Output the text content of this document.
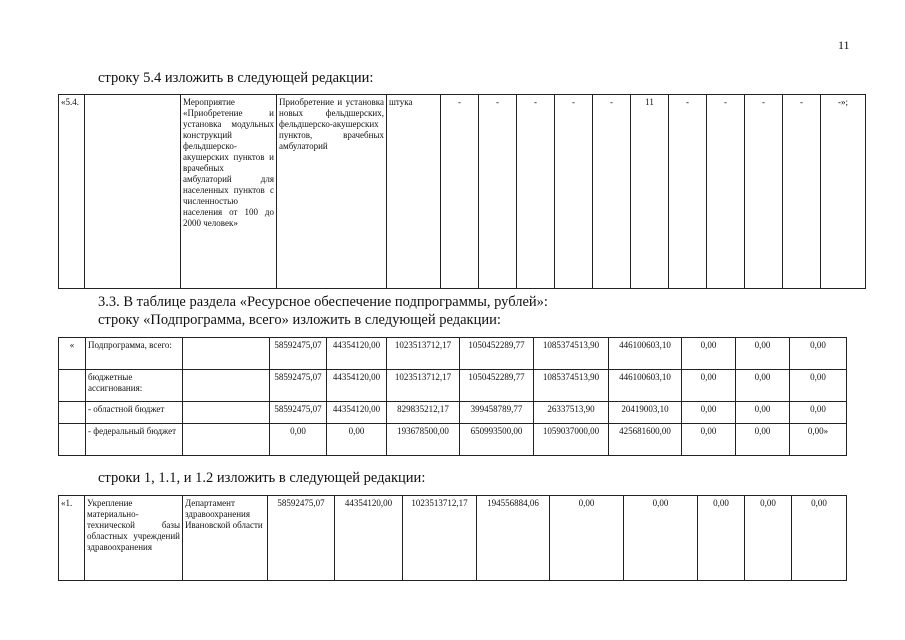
11
строку 5.4 изложить в следующей редакции:
«5.4.		Мероприятие «Приобретение и установка модульных конструкций фельдшерско-акушерских пунктов и врачебных амбулаторий для населенных пунктов с численностью населения от 100 до 2000 человек»	Приобретение и установка новых фельдшерских, фельдшерско-акушерских пунктов, врачебных амбулаторий	штука	-	-	-	-	-	11	-	-	-	-	-»;
3.3. В таблице раздела «Ресурсное обеспечение подпрограммы, рублей»:
строку «Подпрограмма, всего» изложить в следующей редакции:
«	Подпрограмма, всего:		58592475,07	44354120,00	1023513712,17	1050452289,77	1085374513,90	446100603,10	0,00	0,00	0,00
	бюджетные ассигнования:		58592475,07	44354120,00	1023513712,17	1050452289,77	1085374513,90	446100603,10	0,00	0,00	0,00
	- областной бюджет		58592475,07	44354120,00	829835212,17	399458789,77	26337513,90	20419003,10	0,00	0,00	0,00
	- федеральный бюджет		0,00	0,00	193678500,00	650993500,00	1059037000,00	425681600,00	0,00	0,00	0,00»
строки 1, 1.1, и 1.2 изложить в следующей редакции:
«1.	Укрепление материально-технической базы областных учреждений здравоохранения	Департамент здравоохранения Ивановской области	58592475,07	44354120,00	1023513712,17	194556884,06	0,00	0,00	0,00	0,00	0,00
